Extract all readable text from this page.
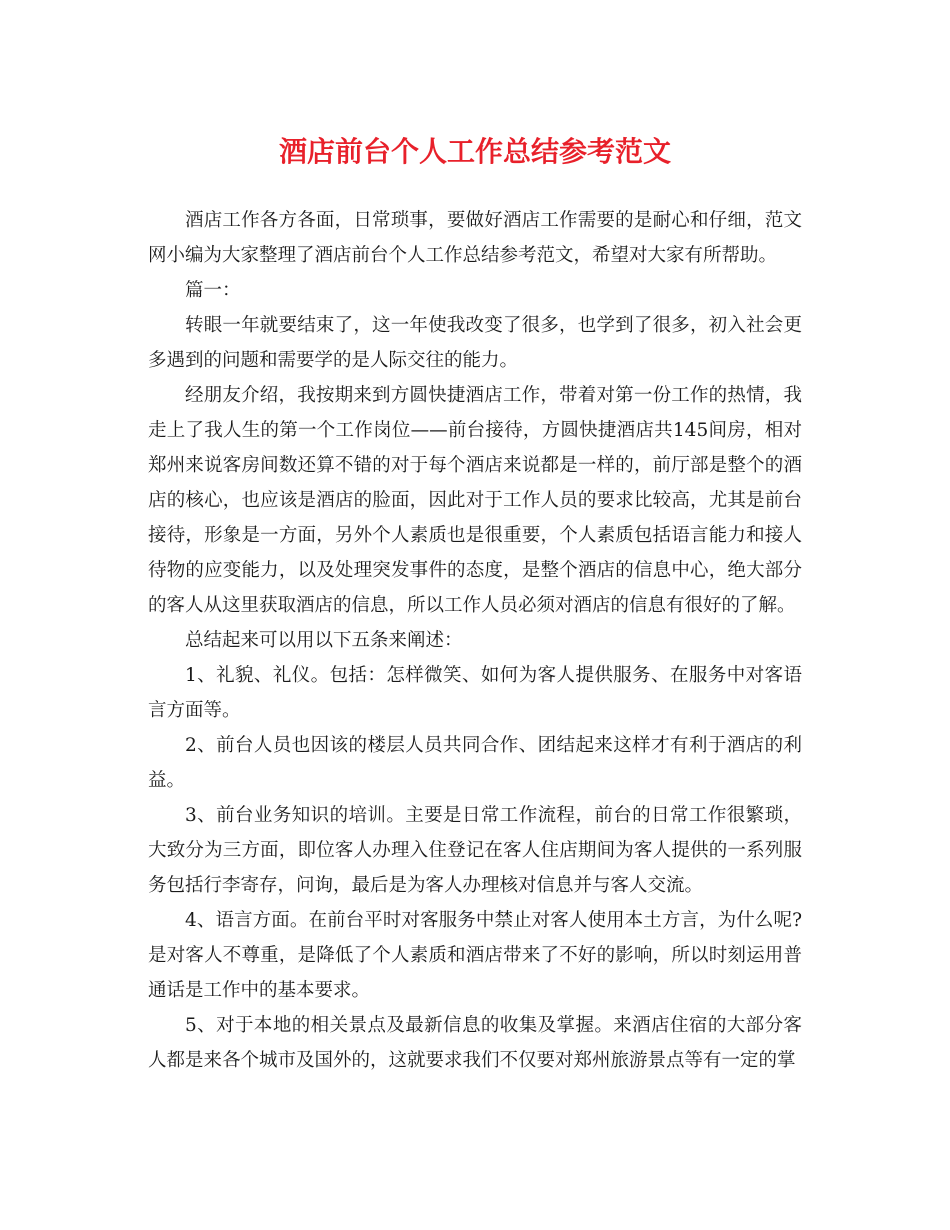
酒店前台个人工作总结参考范文

酒店工作各方各面，日常琐事，要做好酒店工作需要的是耐心和仔细，范文网小编为大家整理了酒店前台个人工作总结参考范文，希望对大家有所帮助。

篇一：

转眼一年就要结束了，这一年使我改变了很多，也学到了很多，初入社会更多遇到的问题和需要学的是人际交往的能力。

经朋友介绍，我按期来到方圆快捷酒店工作，带着对第一份工作的热情，我走上了我人生的第一个工作岗位——前台接待，方圆快捷酒店共145间房，相对郑州来说客房间数还算不错的对于每个酒店来说都是一样的，前厅部是整个的酒店的核心，也应该是酒店的脸面，因此对于工作人员的要求比较高，尤其是前台接待，形象是一方面，另外个人素质也是很重要，个人素质包括语言能力和接人待物的应变能力，以及处理突发事件的态度，是整个酒店的信息中心，绝大部分的客人从这里获取酒店的信息，所以工作人员必须对酒店的信息有很好的了解。

总结起来可以用以下五条来阐述：

1、礼貌、礼仪。包括：怎样微笑、如何为客人提供服务、在服务中对客语言方面等。

2、前台人员也因该的楼层人员共同合作、团结起来这样才有利于酒店的利益。

3、前台业务知识的培训。主要是日常工作流程，前台的日常工作很繁琐，大致分为三方面，即位客人办理入住登记在客人住店期间为客人提供的一系列服务包括行李寄存，问询，最后是为客人办理核对信息并与客人交流。

4、语言方面。在前台平时对客服务中禁止对客人使用本土方言，为什么呢?是对客人不尊重，是降低了个人素质和酒店带来了不好的影响，所以时刻运用普通话是工作中的基本要求。

5、对于本地的相关景点及最新信息的收集及掌握。来酒店住宿的大部分客人都是来各个城市及国外的，这就要求我们不仅要对郑州旅游景点等有一定的掌
